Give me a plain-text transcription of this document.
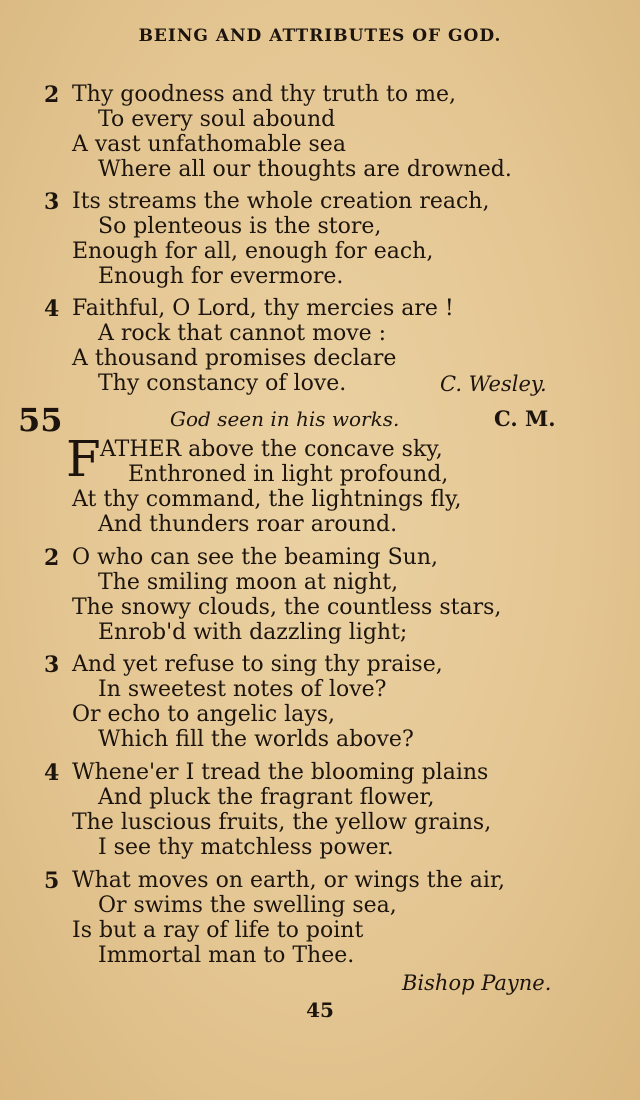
BEING AND ATTRIBUTES OF GOD.
2 Thy goodness and thy truth to me,
To every soul abound
A vast unfathomable sea
Where all our thoughts are drowned.
3 Its streams the whole creation reach,
So plenteous is the store,
Enough for all, enough for each,
Enough for evermore.
4 Faithful, O Lord, thy mercies are !
A rock that cannot move :
A thousand promises declare
Thy constancy of love.	C. Wesley.
55	God seen in his works.	C. M.
F ATHER above the concave sky,
Enthroned in light profound,
At thy command, the lightnings fly,
And thunders roar around.
2 O who can see the beaming Sun,
The smiling moon at night,
The snowy clouds, the countless stars,
Enrob'd with dazzling light;
3 And yet refuse to sing thy praise,
In sweetest notes of love?
Or echo to angelic lays,
Which fill the worlds above?
4 Whene'er I tread the blooming plains
And pluck the fragrant flower,
The luscious fruits, the yellow grains,
I see thy matchless power.
5 What moves on earth, or wings the air,
Or swims the swelling sea,
Is but a ray of life to point
Immortal man to Thee.
Bishop Payne.
45
